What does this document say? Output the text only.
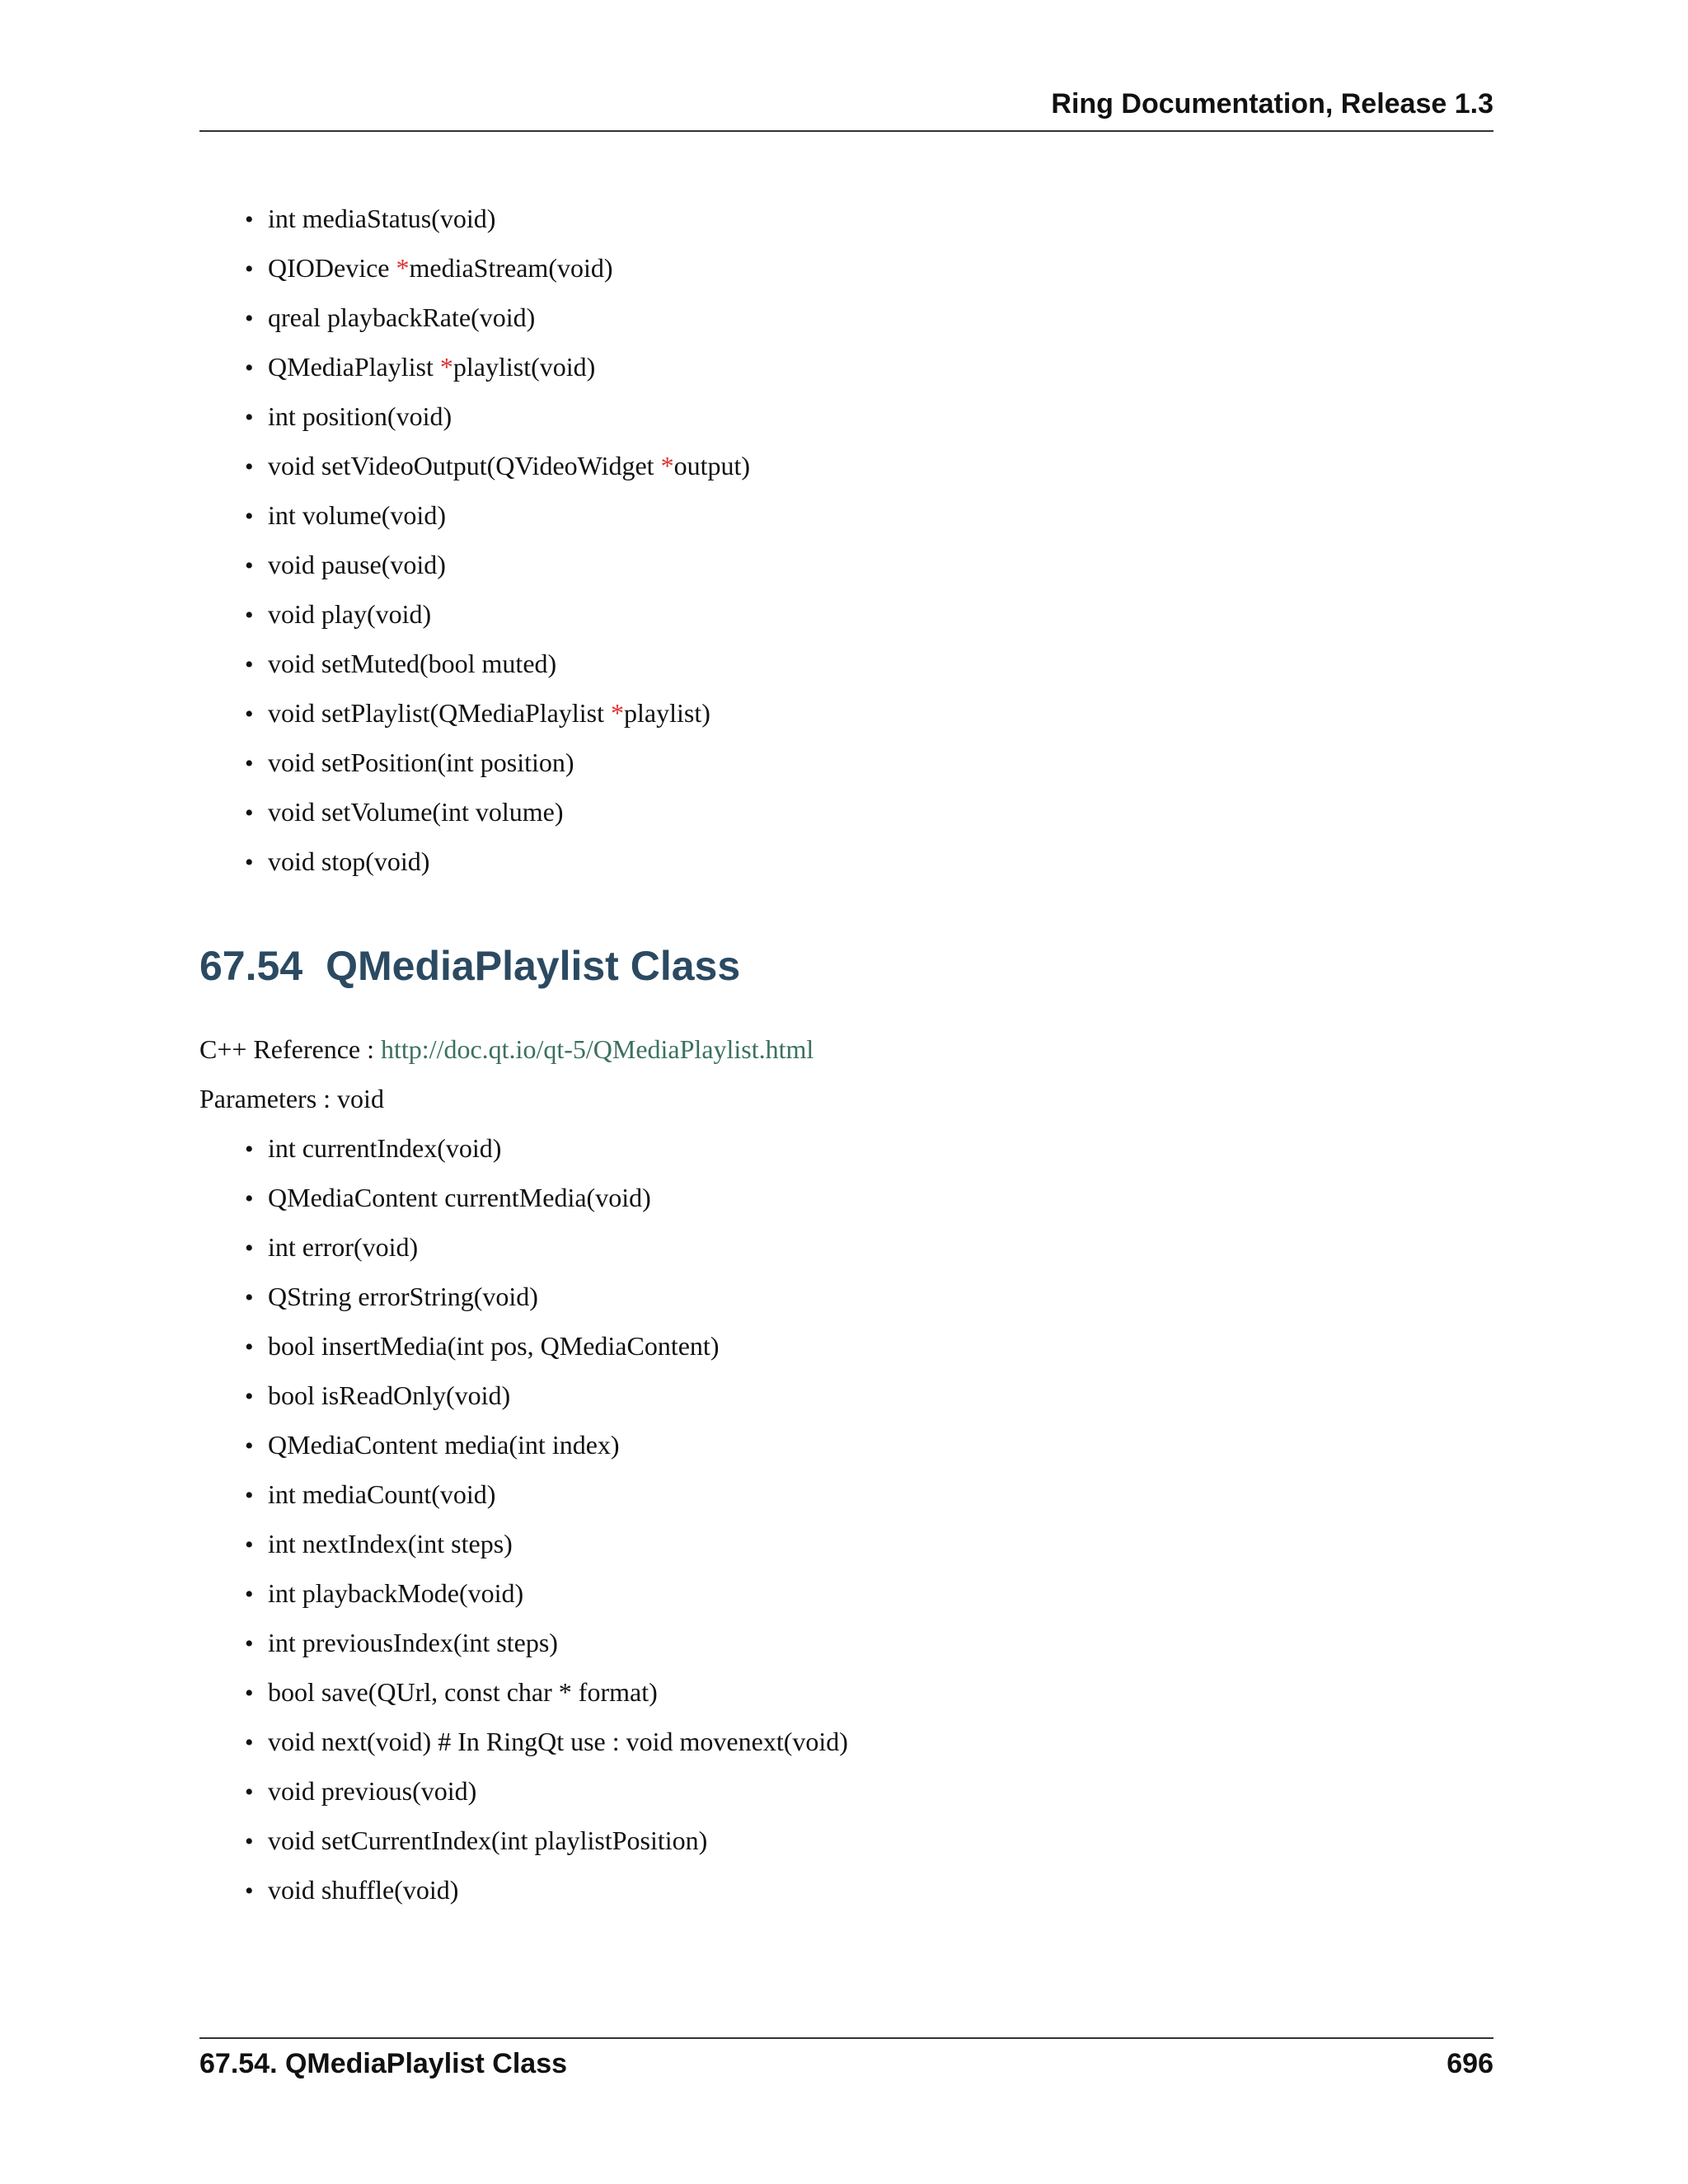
Ring Documentation, Release 1.3
• int mediaStatus(void)
• QIODevice *mediaStream(void)
• qreal playbackRate(void)
• QMediaPlaylist *playlist(void)
• int position(void)
• void setVideoOutput(QVideoWidget *output)
• int volume(void)
• void pause(void)
• void play(void)
• void setMuted(bool muted)
• void setPlaylist(QMediaPlaylist *playlist)
• void setPosition(int position)
• void setVolume(int volume)
• void stop(void)
67.54 QMediaPlaylist Class

C++ Reference : http://doc.qt.io/qt-5/QMediaPlaylist.html

Parameters : void

• int currentIndex(void)
• QMediaContent currentMedia(void)
• int error(void)
• QString errorString(void)
• bool insertMedia(int pos, QMediaContent)
• bool isReadOnly(void)
• QMediaContent media(int index)
• int mediaCount(void)
• int nextIndex(int steps)
• int playbackMode(void)
• int previousIndex(int steps)
• bool save(QUrl, const char * format)
• void next(void) # In RingQt use : void movenext(void)
• void previous(void)
• void setCurrentIndex(int playlistPosition)
• void shuffle(void)
67.54. QMediaPlaylist Class	696
